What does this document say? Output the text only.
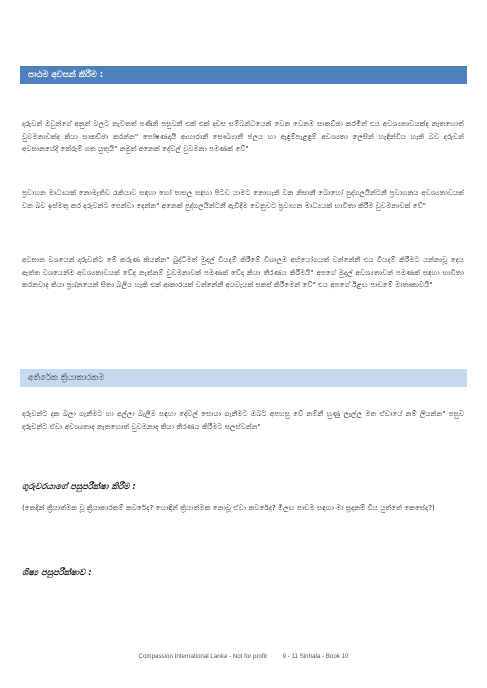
පාඨම අවසන් කිරීම :

දරුවන් ඔවුන්ගේ අනුත් වලට නැවතත් පණිනි පසුවනී එක් එක් දවස සම්බන්ධයෙන් වෙන වෙනම සාකච්ඡා කරමින් එය අවශ්‍යතාවයක්ද නැතහොත් වුවමනාවක්ද කියා සාකච්ඡා කරන්න" පෝෂණදායී ආහාරානී සෞඛ්‍යානී ජලය හා ඇඳුම්පැළඳුම් අවශ්‍යතා ලෙසින් හැඳින්විය හැකි බව දරුවන් අවසානයේදී තේරුම් ගත යුතුයි" නමුත් අනෙක් දේවල් වුවමනා පමණක් වේ"

ප්‍රවාහන මාධ්‍යයක් නොමැතිව රැකියාව සඳහා හෝ පාසල සඳහා පිටව යාමට නොහැකි වන නිසානී බොහෝ පුද්ගලයින්ටනී ප්‍රවාහනය අවශ්‍යතාවයක් වන බව ඉස්මතු කර දරුවන්ට පෙන්වා දෙන්න" අනෙක් පුද්ගලයින්ටනී ඇවිදීම වෙනුවට ප්‍රවාහන මාධ්‍යයක් භාවිතා කිරීම වුවමනාවක් වේ"

අවසාන වශයෙන් දරුවන්ට මේ කරුණ කියන්න" බුද්ධිමත් මුදල් වියදම් කිරීමේ විශාලම අභියෝගයක් වන්නේනී එය වියදම් කිරීමට යන්නාවූ දෙය ඇත්ත වශයෙන්ම අවශ්‍යතාවයක් වේද නැත්නම් වුවමනාවක් පමණක් වේද කියා තීරණය කිරීමයි" අපගේ මුදල් අවශ්‍යතාවන් පමණක් සඳහා භාවිතා කරනවාද කියා ප්‍රශ්නයෙන් සිතා බලිය හැකි එක් ආකාරයක් වන්නේනී අයවැයක් සකස් කිරීමෙන් වේ" එය අපගේ ඊළඟ පාඩමේ මාතෘකාවයි"

අතිරේක ක්‍රියාකාරකම

දරුවන්ට දක බලා ගැනීමට හා අල්ලා බැලීම සඳහා දේවල් සොයා ගැනීමට ඔබට අපහසු වේ නම්නී හුණු ලෑල්ල මත ඒවායේ නම් ලියන්න" පසුව දරුවන්ට ඒවා අවශ්‍යතාද නැතහොත් වුවමනාද කියා තීරණය කිරීමට සලස්වන්න"

ගුරුවරයාගේ පසුපරීක්ෂා කිරීම :

(කෙදින් ක්‍රියාත්මක වූ ක්‍රියාකාරකම් කවරේද? හොඳින් ක්‍රියාත්මක නොවූ ඒවා කවරේද? මීලඟ පාඩම සඳහා මා සූදානම් විය යුත්තේ කෙසේද?)

ශිෂ්‍ය පසුපරීක්ෂාව :

Compassion International Lanka - Not for profit	9 - 11 Sinhala - Book 10
